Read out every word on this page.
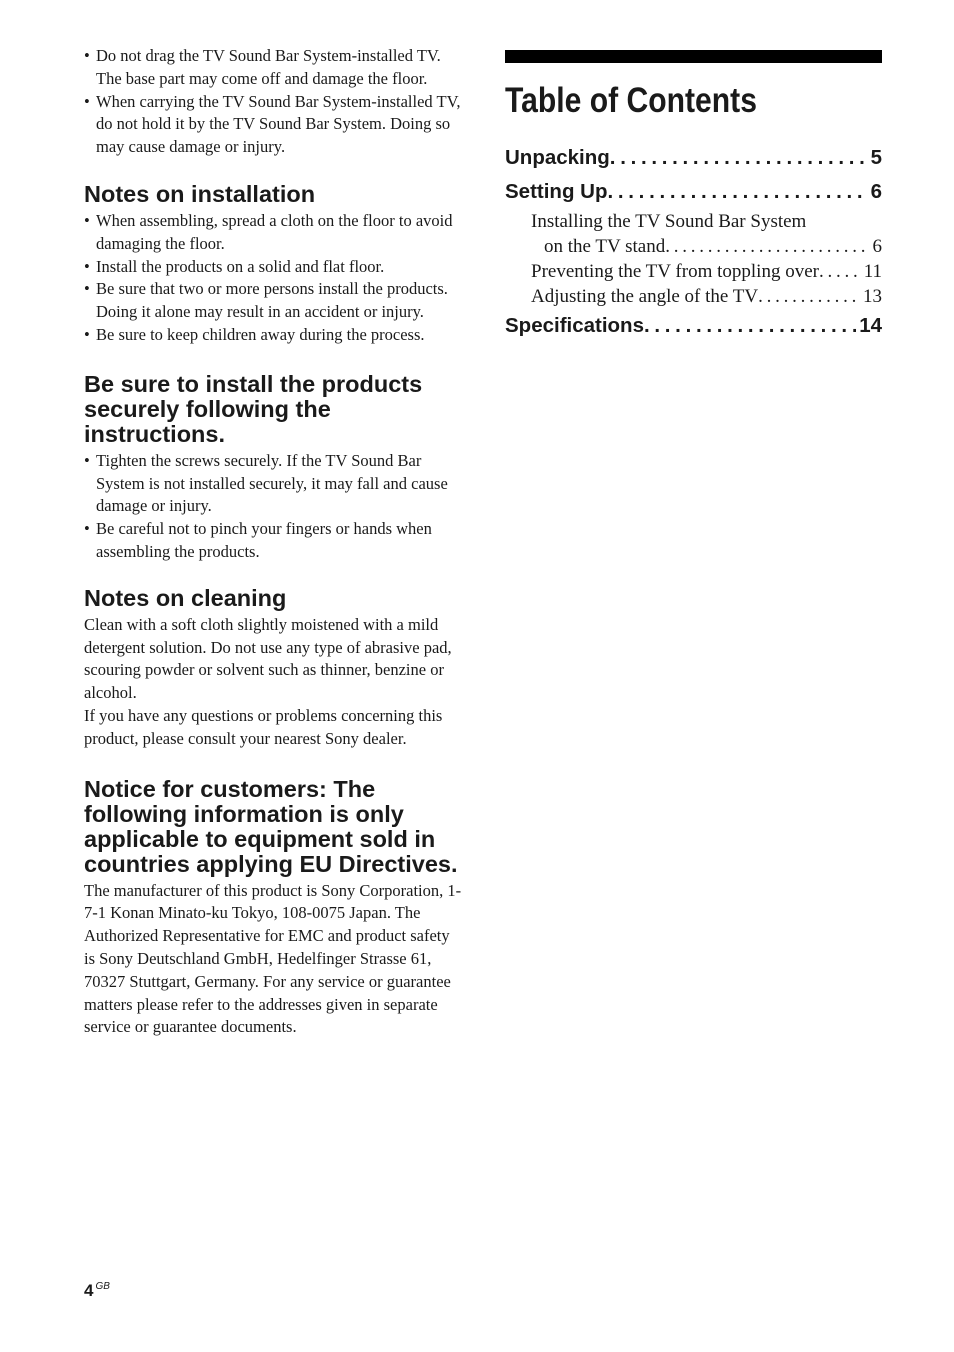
• Do not drag the TV Sound Bar System-installed TV. The base part may come off and damage the floor.
• When carrying the TV Sound Bar System-installed TV, do not hold it by the TV Sound Bar System. Doing so may cause damage or injury.
Notes on installation
• When assembling, spread a cloth on the floor to avoid damaging the floor.
• Install the products on a solid and flat floor.
• Be sure that two or more persons install the products. Doing it alone may result in an accident or injury.
• Be sure to keep children away during the process.
Be sure to install the products securely following the instructions.
• Tighten the screws securely. If the TV Sound Bar System is not installed securely, it may fall and cause damage or injury.
• Be careful not to pinch your fingers or hands when assembling the products.
Notes on cleaning

Clean with a soft cloth slightly moistened with a mild detergent solution. Do not use any type of abrasive pad, scouring powder or solvent such as thinner, benzine or alcohol.

If you have any questions or problems concerning this product, please consult your nearest Sony dealer.

Notice for customers: The following information is only applicable to equipment sold in countries applying EU Directives.

The manufacturer of this product is Sony Corporation, 1-7-1 Konan Minato-ku Tokyo, 108-0075 Japan. The Authorized Representative for EMC and product safety is Sony Deutschland GmbH, Hedelfinger Strasse 61, 70327 Stuttgart, Germany. For any service or guarantee matters please refer to the addresses given in separate service or guarantee documents.

Table of Contents
Unpacking . . .	5
Setting Up . . .	6
Installing the TV Sound Bar System
on the TV stand . . .	6
Preventing the TV from toppling over . . . 11
Adjusting the angle of the TV . . .	13
Specifications . . .	14
4 $^{GB}$
